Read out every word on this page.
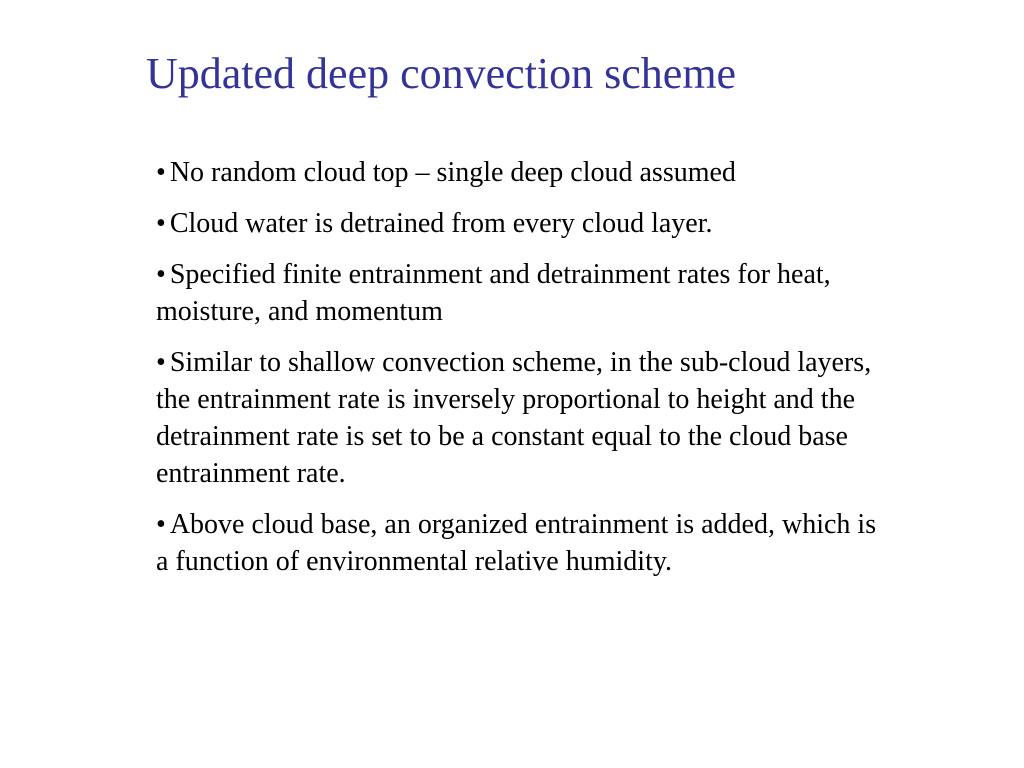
Updated deep convection scheme
• No random cloud top – single deep cloud assumed
• Cloud water is detrained from every cloud layer.
• Specified finite entrainment and detrainment rates for heat, moisture, and momentum
• Similar to shallow convection scheme, in the sub-cloud layers, the entrainment rate is inversely proportional to height and the detrainment rate is set to be a constant equal to the cloud base entrainment rate.
• Above cloud base, an organized entrainment is added, which is a function of environmental relative humidity.
